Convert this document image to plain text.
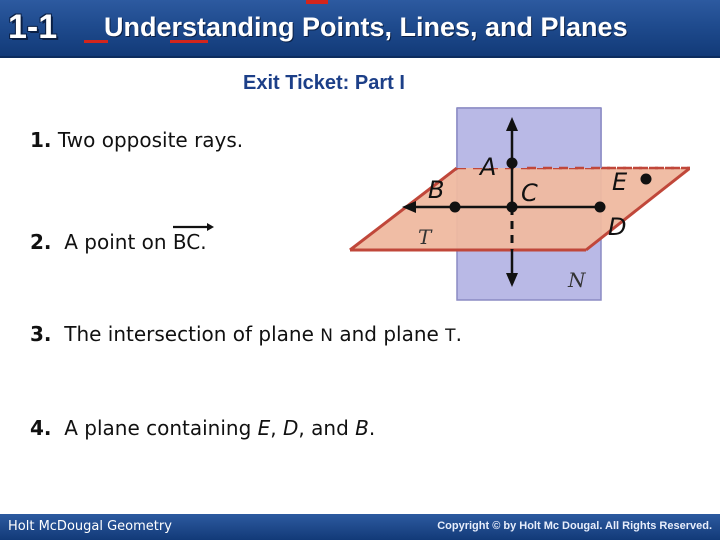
1-1 Understanding Points, Lines, and Planes
Exit Ticket: Part I
1. Two opposite rays.
2. A point on
BC.
3. The intersection of plane N and plane T.
4. A plane containing E, D, and B.
A
B	C
D
E
T
N
Holt McDougal Geometry	Copyright © by Holt Mc Dougal. All Rights Reserved.
